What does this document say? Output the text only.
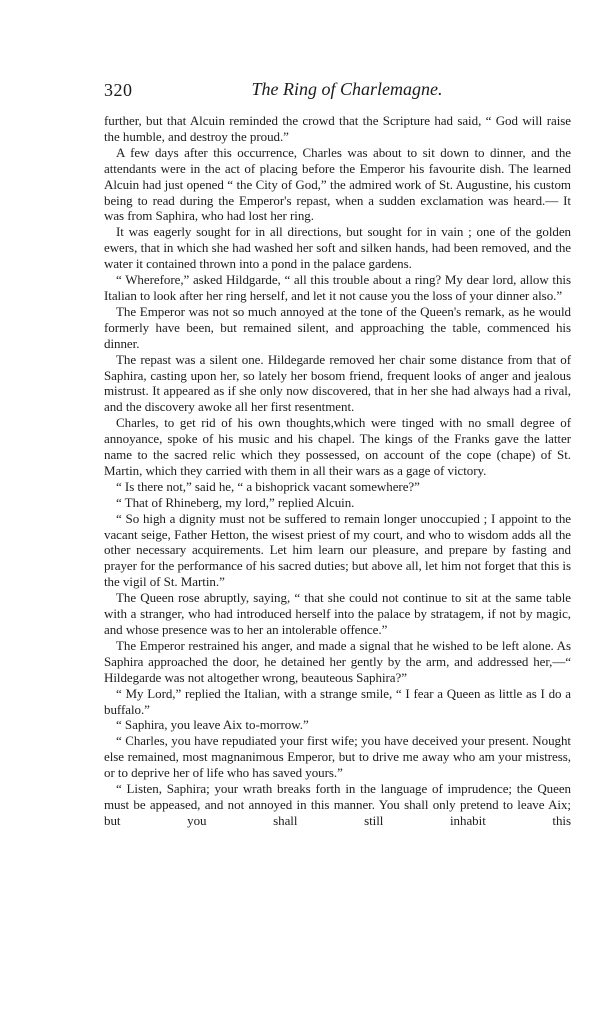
320	The Ring of Charlemagne.

further, but that Alcuin reminded the crowd that the Scripture had said, “ God will raise the humble, and destroy the proud.”

A few days after this occurrence, Charles was about to sit down to dinner, and the attendants were in the act of placing before the Emperor his favourite dish. The learned Alcuin had just opened “ the City of God,” the admired work of St. Augustine, his custom being to read during the Emperor's repast, when a sudden exclamation was heard.— It was from Saphira, who had lost her ring.

It was eagerly sought for in all directions, but sought for in vain ; one of the golden ewers, that in which she had washed her soft and silken hands, had been removed, and the water it contained thrown into a pond in the palace gardens.

“ Wherefore,” asked Hildgarde, “ all this trouble about a ring? My dear lord, allow this Italian to look after her ring herself, and let it not cause you the loss of your dinner also.”

The Emperor was not so much annoyed at the tone of the Queen's remark, as he would formerly have been, but remained silent, and approaching the table, commenced his dinner.

The repast was a silent one. Hildegarde removed her chair some distance from that of Saphira, casting upon her, so lately her bosom friend, frequent looks of anger and jealous mistrust. It appeared as if she only now discovered, that in her she had always had a rival, and the discovery awoke all her first resentment.

Charles, to get rid of his own thoughts,which were tinged with no small degree of annoyance, spoke of his music and his chapel. The kings of the Franks gave the latter name to the sacred relic which they possessed, on account of the cope (chape) of St. Martin, which they carried with them in all their wars as a gage of victory.

“ Is there not,” said he, “ a bishoprick vacant somewhere?”

“ That of Rhineberg, my lord,” replied Alcuin.

“ So high a dignity must not be suffered to remain longer unoccupied ; I appoint to the vacant seige, Father Hetton, the wisest priest of my court, and who to wisdom adds all the other necessary acquirements. Let him learn our pleasure, and prepare by fasting and prayer for the performance of his sacred duties; but above all, let him not forget that this is the vigil of St. Martin.”

The Queen rose abruptly, saying, “ that she could not continue to sit at the same table with a stranger, who had introduced herself into the palace by stratagem, if not by magic, and whose presence was to her an intolerable offence.”

The Emperor restrained his anger, and made a signal that he wished to be left alone. As Saphira approached the door, he detained her gently by the arm, and addressed her,—“ Hildegarde was not altogether wrong, beauteous Saphira?”

“ My Lord,” replied the Italian, with a strange smile, “ I fear a Queen as little as I do a buffalo.”

“ Saphira, you leave Aix to-morrow.”

“ Charles, you have repudiated your first wife; you have deceived your present. Nought else remained, most magnanimous Emperor, but to drive me away who am your mistress, or to deprive her of life who has saved yours.”

“ Listen, Saphira; your wrath breaks forth in the language of imprudence; the Queen must be appeased, and not annoyed in this manner. You shall only pretend to leave Aix; but you shall still inhabit this
